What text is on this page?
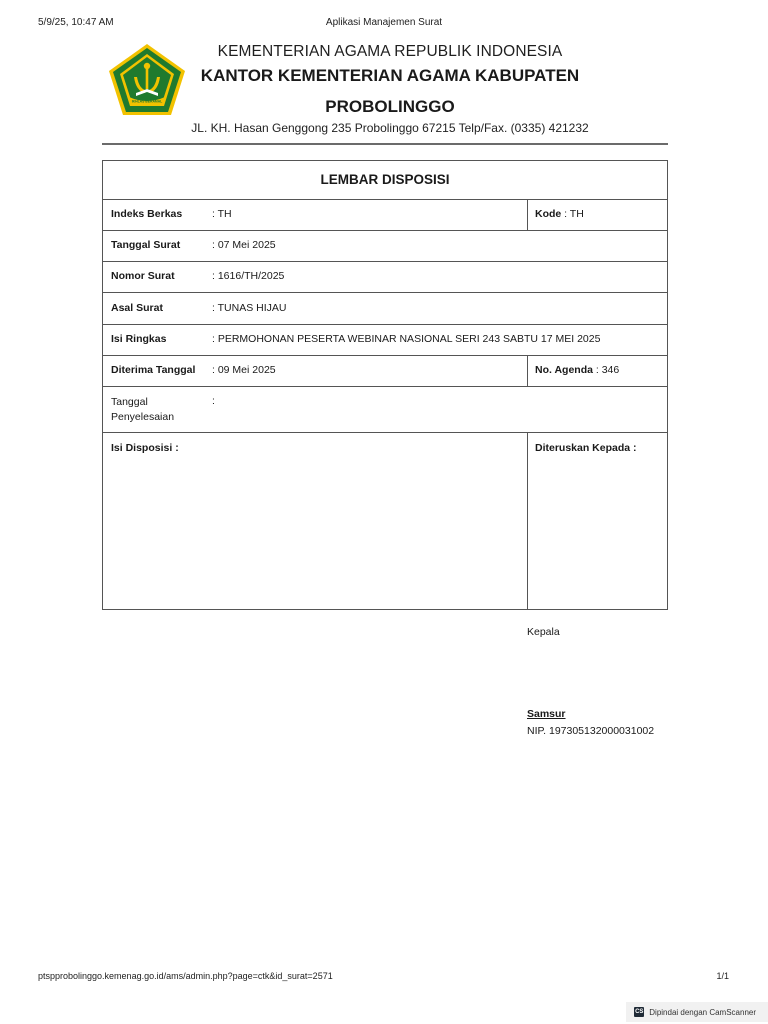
5/9/25, 10:47 AM	Aplikasi Manajemen Surat
IKHLAS BERAMAL
KEMENTERIAN AGAMA REPUBLIK INDONESIA
KANTOR KEMENTERIAN AGAMA KABUPATEN
PROBOLINGGO
JL. KH. Hasan Genggong 235 Probolinggo 67215 Telp/Fax. (0335) 421232
LEMBAR DISPOSISI
Indeks Berkas	: TH	Kode : TH
Tanggal Surat	: 07 Mei 2025
Nomor Surat	: 1616/TH/2025
Asal Surat	: TUNAS HIJAU
Isi Ringkas	: PERMOHONAN PESERTA WEBINAR NASIONAL SERI 243 SABTU 17 MEI 2025
Diterima Tanggal : 09 Mei 2025	No. Agenda : 346
Tanggal
Penyelesaian
:
Isi Disposisi :	Diteruskan Kepada :
Kepala
Samsur
NIP. 197305132000031002
ptspprobolinggo.kemenag.go.id/ams/admin.php?page=ctk&id_surat=2571	1/1
CS Dipindai dengan CamScanner
